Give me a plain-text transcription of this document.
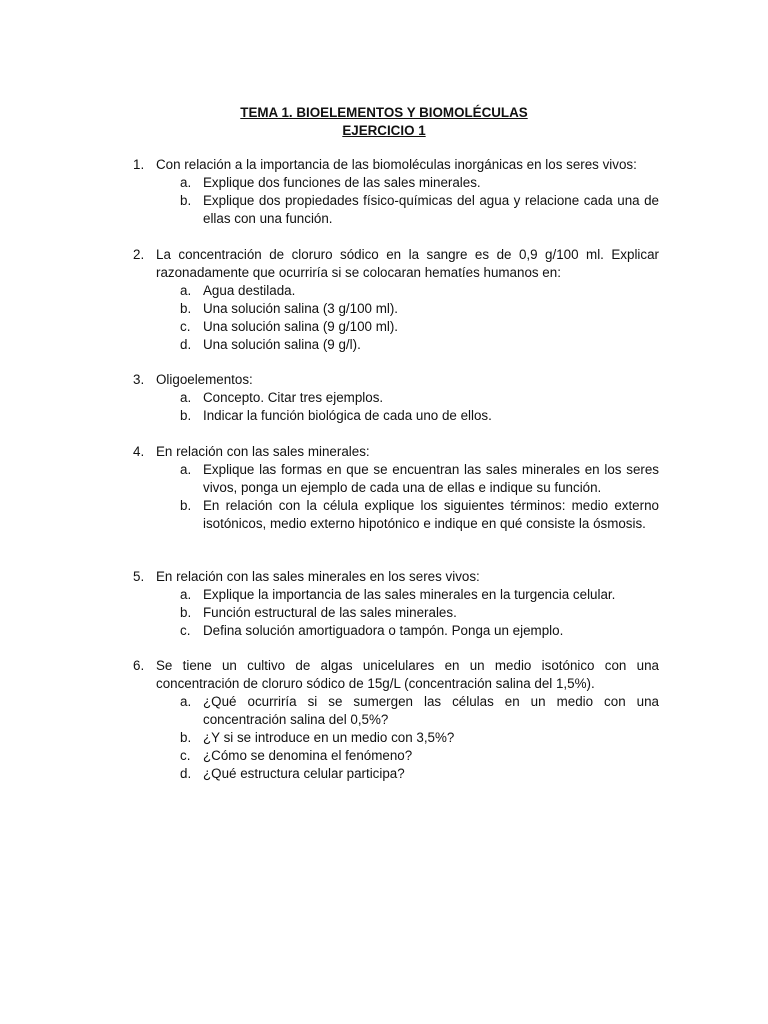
TEMA 1. BIOELEMENTOS Y BIOMOLÉCULAS
EJERCICIO 1
1. Con relación a la importancia de las biomoléculas inorgánicas en los seres vivos:
a. Explique dos funciones de las sales minerales.
b. Explique dos propiedades físico-químicas del agua y relacione cada una de ellas con una función.
2. La concentración de cloruro sódico en la sangre es de 0,9 g/100 ml. Explicar razonadamente que ocurriría si se colocaran hematíes humanos en:
a. Agua destilada.
b. Una solución salina (3 g/100 ml).
c. Una solución salina (9 g/100 ml).
d. Una solución salina (9 g/l).
3. Oligoelementos:
a. Concepto. Citar tres ejemplos.
b. Indicar la función biológica de cada uno de ellos.
4. En relación con las sales minerales:
a. Explique las formas en que se encuentran las sales minerales en los seres vivos, ponga un ejemplo de cada una de ellas e indique su función.
b. En relación con la célula explique los siguientes términos: medio externo isotónicos, medio externo hipotónico e indique en qué consiste la ósmosis.
5. En relación con las sales minerales en los seres vivos:
a. Explique la importancia de las sales minerales en la turgencia celular.
b. Función estructural de las sales minerales.
c. Defina solución amortiguadora o tampón. Ponga un ejemplo.
6. Se tiene un cultivo de algas unicelulares en un medio isotónico con una concentración de cloruro sódico de 15g/L (concentración salina del 1,5%).
a. ¿Qué ocurriría si se sumergen las células en un medio con una concentración salina del 0,5%?
b. ¿Y si se introduce en un medio con 3,5%?
c. ¿Cómo se denomina el fenómeno?
d. ¿Qué estructura celular participa?
